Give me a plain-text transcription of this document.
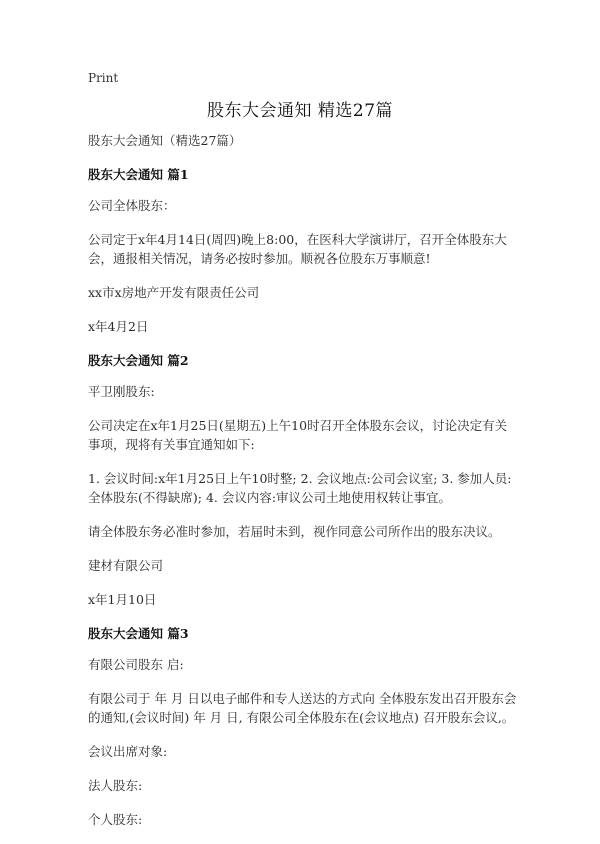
Print
股东大会通知 精选27篇

股东大会通知（精选27篇）

股东大会通知 篇1

公司全体股东：

公司定于x年4月14日(周四)晚上8:00，在医科大学演讲厅，召开全体股东大会，通报相关情况，请务必按时参加。顺祝各位股东万事顺意!

xx市x房地产开发有限责任公司

x年4月2日

股东大会通知 篇2

平卫刚股东:

公司决定在x年1月25日(星期五)上午10时召开全体股东会议，讨论决定有关事项，现将有关事宜通知如下:

1. 会议时间:x年1月25日上午10时整; 2. 会议地点:公司会议室; 3. 参加人员:全体股东(不得缺席); 4. 会议内容:审议公司土地使用权转让事宜。

请全体股东务必准时参加，若届时未到，视作同意公司所作出的股东决议。

建材有限公司

x年1月10日

股东大会通知 篇3

有限公司股东 启:

有限公司于 年 月 日以电子邮件和专人送达的方式向 全体股东发出召开股东会的通知,(会议时间) 年 月 日, 有限公司全体股东在(会议地点) 召开股东会议,。

会议出席对象:

法人股东:

个人股东:
